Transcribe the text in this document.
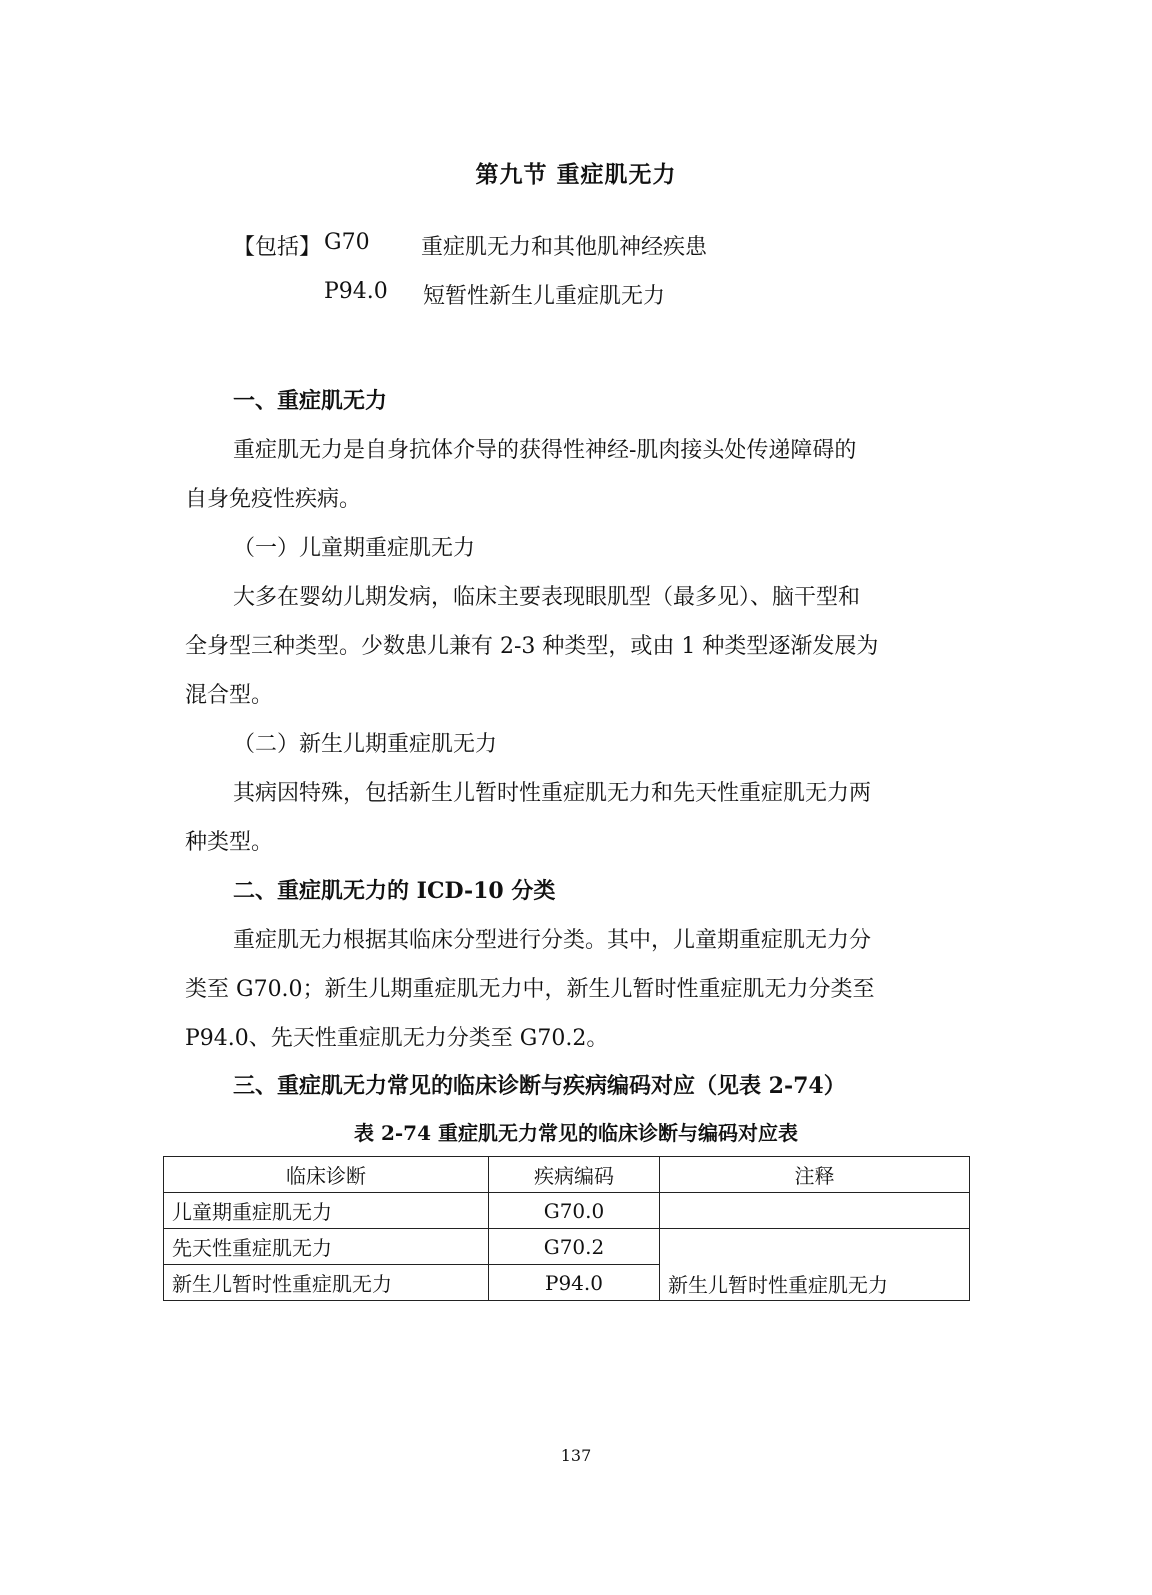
第九节 重症肌无力
【包括】 G70 重症肌无力和其他肌神经疾患
P94.0 短暂性新生儿重症肌无力
一、重症肌无力
重症肌无力是自身抗体介导的获得性神经-肌肉接头处传递障碍的
自身免疫性疾病。
（一）儿童期重症肌无力
大多在婴幼儿期发病，临床主要表现眼肌型（最多见）、脑干型和
全身型三种类型。少数患儿兼有 2-3 种类型，或由 1 种类型逐渐发展为
混合型。
（二）新生儿期重症肌无力
其病因特殊，包括新生儿暂时性重症肌无力和先天性重症肌无力两
种类型。
二、重症肌无力的 ICD-10 分类
重症肌无力根据其临床分型进行分类。其中，儿童期重症肌无力分
类至 G70.0；新生儿期重症肌无力中，新生儿暂时性重症肌无力分类至
P94.0、先天性重症肌无力分类至 G70.2。
三、重症肌无力常见的临床诊断与疾病编码对应（见表 2-74）
表 2-74 重症肌无力常见的临床诊断与编码对应表
临床诊断	疾病编码	注释
儿童期重症肌无力	G70.0	
先天性重症肌无力	G70.2	新生儿暂时性重症肌无力
新生儿暂时性重症肌无力	P94.0	
137
